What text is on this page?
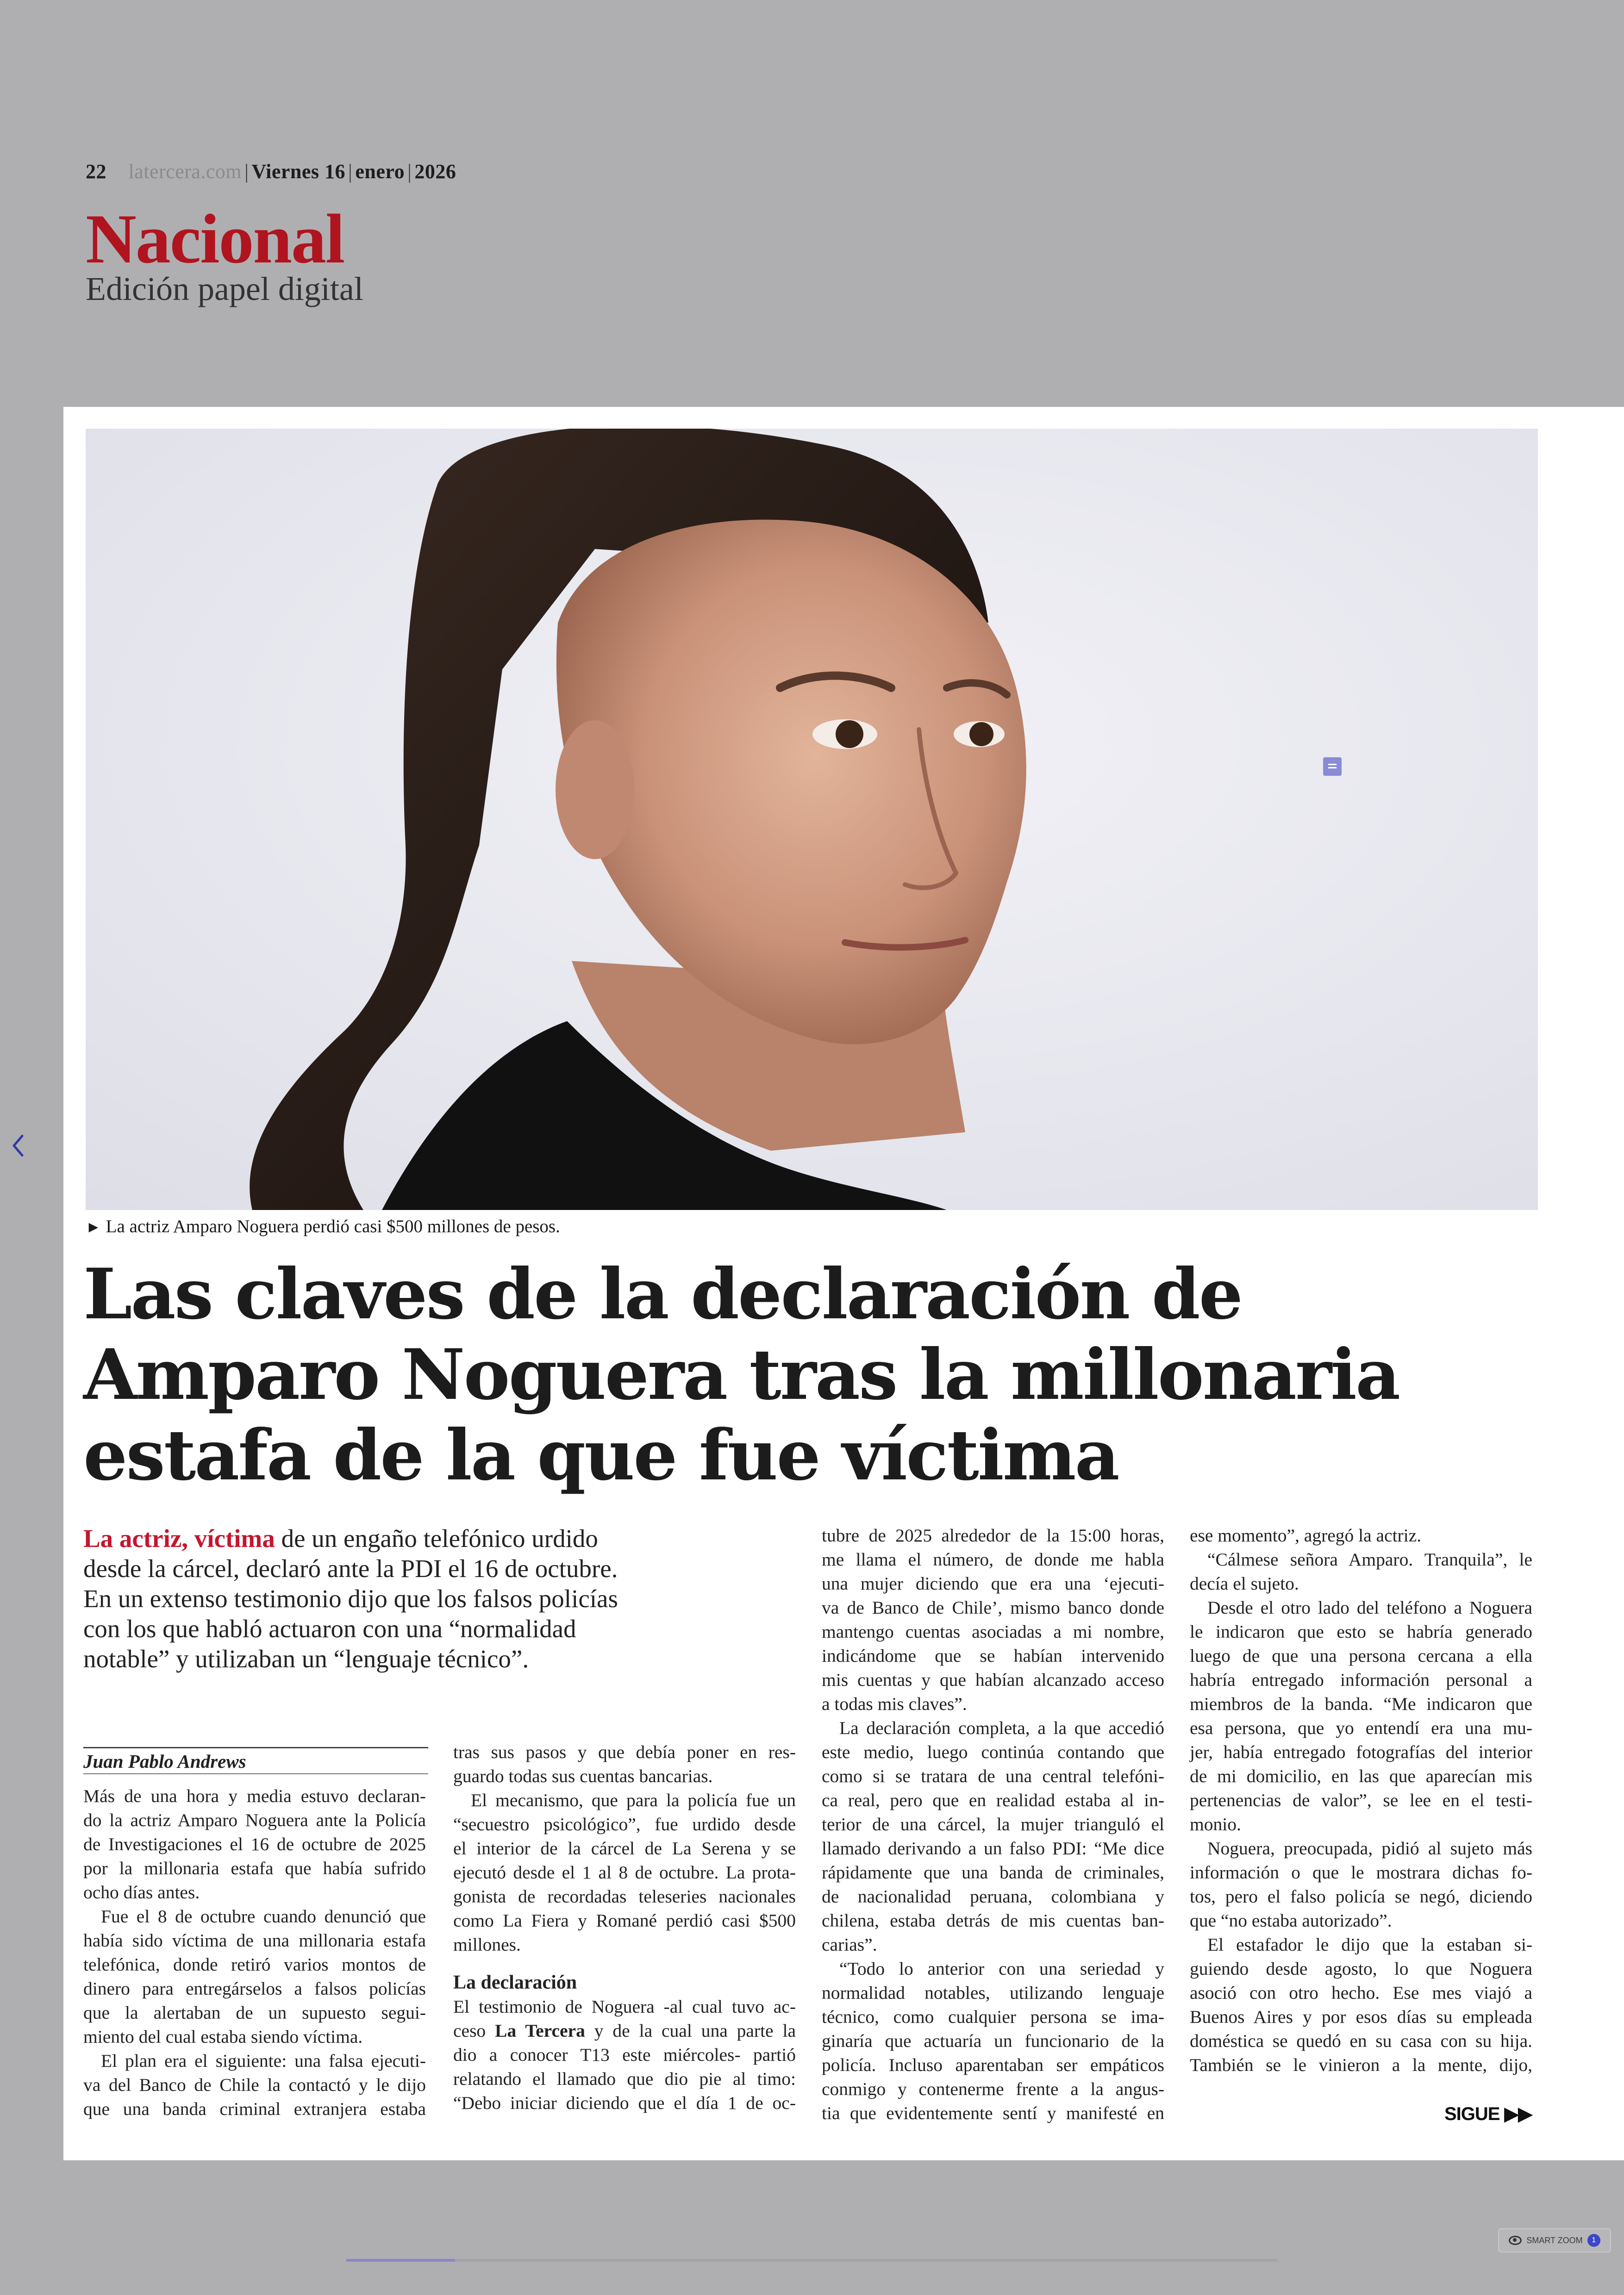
22 latercera.com | Viernes 16 | enero | 2026
Nacional
Edición papel digital
► La actriz Amparo Noguera perdió casi $500 millones de pesos.
Las claves de la declaración de
Amparo Noguera tras la millonaria
estafa de la que fue víctima
La actriz, víctima de un engaño telefónico urdido
desde la cárcel, declaró ante la PDI el 16 de octubre.
En un extenso testimonio dijo que los falsos policías
con los que habló actuaron con una “normalidad
notable” y utilizaban un “lenguaje técnico”.
Juan Pablo Andrews
Más de una hora y media estuvo declaran-
do la actriz Amparo Noguera ante la Policía
de Investigaciones el 16 de octubre de 2025
por la millonaria estafa que había sufrido
ocho días antes.
Fue el 8 de octubre cuando denunció que
había sido víctima de una millonaria estafa
telefónica, donde retiró varios montos de
dinero para entregárselos a falsos policías
que la alertaban de un supuesto segui-
miento del cual estaba siendo víctima.
El plan era el siguiente: una falsa ejecuti-
va del Banco de Chile la contactó y le dijo
que una banda criminal extranjera estaba
tras sus pasos y que debía poner en res-
guardo todas sus cuentas bancarias.
El mecanismo, que para la policía fue un
“secuestro psicológico”, fue urdido desde
el interior de la cárcel de La Serena y se
ejecutó desde el 1 al 8 de octubre. La prota-
gonista de recordadas teleseries nacionales
como La Fiera y Romané perdió casi $500
millones.
La declaración
El testimonio de Noguera -al cual tuvo ac-
ceso La Tercera y de la cual una parte la
dio a conocer T13 este miércoles- partió
relatando el llamado que dio pie al timo:
“Debo iniciar diciendo que el día 1 de oc-
tubre de 2025 alrededor de la 15:00 horas,
me llama el número, de donde me habla
una mujer diciendo que era una ‘ejecuti-
va de Banco de Chile’, mismo banco donde
mantengo cuentas asociadas a mi nombre,
indicándome que se habían intervenido
mis cuentas y que habían alcanzado acceso
a todas mis claves”.
La declaración completa, a la que accedió
este medio, luego continúa contando que
como si se tratara de una central telefóni-
ca real, pero que en realidad estaba al in-
terior de una cárcel, la mujer trianguló el
llamado derivando a un falso PDI: “Me dice
rápidamente que una banda de criminales,
de nacionalidad peruana, colombiana y
chilena, estaba detrás de mis cuentas ban-
carias”.
“Todo lo anterior con una seriedad y
normalidad notables, utilizando lenguaje
técnico, como cualquier persona se ima-
ginaría que actuaría un funcionario de la
policía. Incluso aparentaban ser empáticos
conmigo y contenerme frente a la angus-
tia que evidentemente sentí y manifesté en
ese momento”, agregó la actriz.
“Cálmese señora Amparo. Tranquila”, le
decía el sujeto.
Desde el otro lado del teléfono a Noguera
le indicaron que esto se habría generado
luego de que una persona cercana a ella
habría entregado información personal a
miembros de la banda. “Me indicaron que
esa persona, que yo entendí era una mu-
jer, había entregado fotografías del interior
de mi domicilio, en las que aparecían mis
pertenencias de valor”, se lee en el testi-
monio.
Noguera, preocupada, pidió al sujeto más
información o que le mostrara dichas fo-
tos, pero el falso policía se negó, diciendo
que “no estaba autorizado”.
El estafador le dijo que la estaban si-
guiendo desde agosto, lo que Noguera
asoció con otro hecho. Ese mes viajó a
Buenos Aires y por esos días su empleada
doméstica se quedó en su casa con su hija.
También se le vinieron a la mente, dijo,
SIGUE ▶▶
SMART ZOOM	1
